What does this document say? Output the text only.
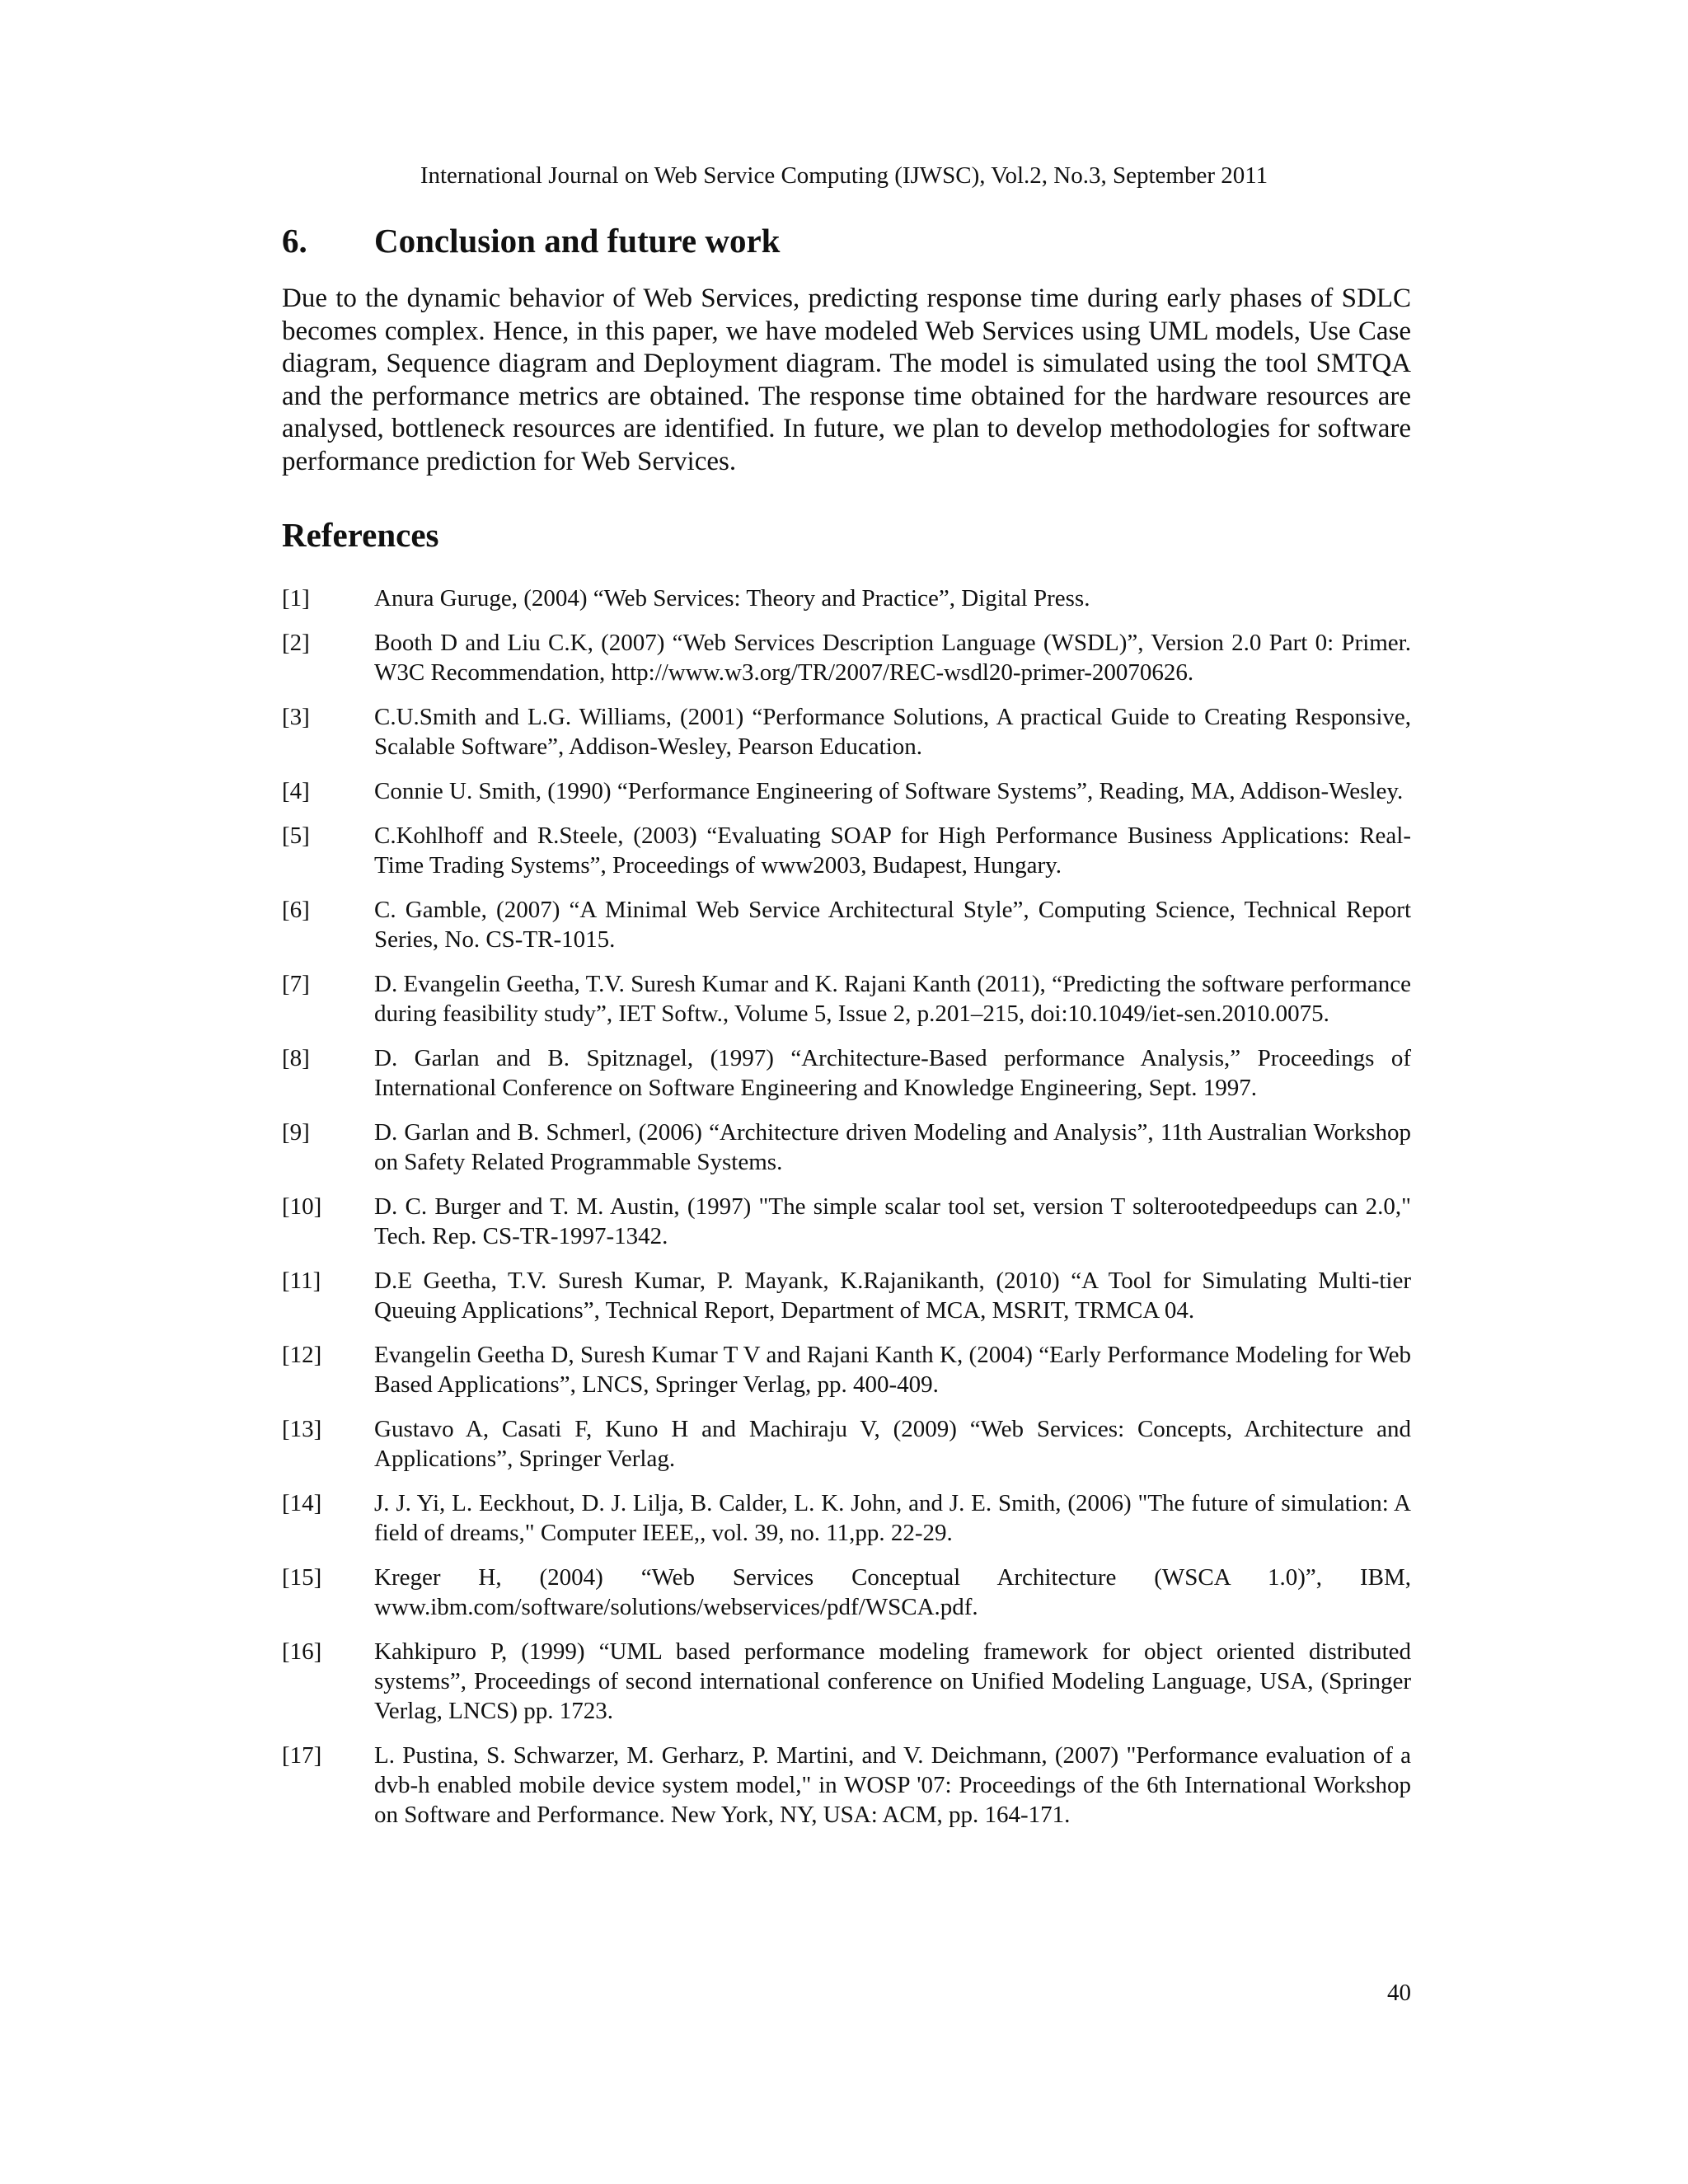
International Journal on Web Service Computing (IJWSC), Vol.2, No.3, September 2011
6.	Conclusion and future work

Due to the dynamic behavior of Web Services, predicting response time during early phases of SDLC becomes complex. Hence, in this paper, we have modeled Web Services using UML models, Use Case diagram, Sequence diagram and Deployment diagram. The model is simulated using the tool SMTQA and the performance metrics are obtained. The response time obtained for the hardware resources are analysed, bottleneck resources are identified. In future, we plan to develop methodologies for software performance prediction for Web Services.

References
[1]	Anura Guruge, (2004) “Web Services: Theory and Practice”, Digital Press.
[2]	Booth D and Liu C.K, (2007) “Web Services Description Language (WSDL)”, Version 2.0 Part 0: Primer. W3C Recommendation, http://www.w3.org/TR/2007/REC-wsdl20-primer-20070626.
[3]	C.U.Smith and L.G. Williams, (2001) “Performance Solutions, A practical Guide to Creating Responsive, Scalable Software”, Addison-Wesley, Pearson Education.
[4]	Connie U. Smith, (1990) “Performance Engineering of Software Systems”, Reading, MA, Addison-Wesley.
[5]	C.Kohlhoff and R.Steele, (2003) “Evaluating SOAP for High Performance Business Applications: Real-Time Trading Systems”, Proceedings of www2003, Budapest, Hungary.
[6]	C. Gamble, (2007) “A Minimal Web Service Architectural Style”, Computing Science, Technical Report Series, No. CS-TR-1015.
[7]	D. Evangelin Geetha, T.V. Suresh Kumar and K. Rajani Kanth (2011), “Predicting the software performance during feasibility study”, IET Softw., Volume 5, Issue 2, p.201–215, doi:10.1049/iet-sen.2010.0075.
[8]	D. Garlan and B. Spitznagel, (1997) “Architecture-Based performance Analysis,” Proceedings of International Conference on Software Engineering and Knowledge Engineering, Sept. 1997.
[9]	D. Garlan and B. Schmerl, (2006) “Architecture driven Modeling and Analysis”, 11th Australian Workshop on Safety Related Programmable Systems.
[10]	D. C. Burger and T. M. Austin, (1997) "The simple scalar tool set, version T solterootedpeedups can 2.0," Tech. Rep. CS-TR-1997-1342.
[11]	D.E Geetha, T.V. Suresh Kumar, P. Mayank, K.Rajanikanth, (2010) “A Tool for Simulating Multi-tier Queuing Applications”, Technical Report, Department of MCA, MSRIT, TRMCA 04.
[12]	Evangelin Geetha D, Suresh Kumar T V and Rajani Kanth K, (2004) “Early Performance Modeling for Web Based Applications”, LNCS, Springer Verlag, pp. 400-409.
[13]	Gustavo A, Casati F, Kuno H and Machiraju V, (2009) “Web Services: Concepts, Architecture and Applications”, Springer Verlag.
[14]	J. J. Yi, L. Eeckhout, D. J. Lilja, B. Calder, L. K. John, and J. E. Smith, (2006) "The future of simulation: A field of dreams," Computer IEEE,, vol. 39, no. 11,pp. 22-29.
[15]	Kreger H, (2004) “Web Services Conceptual Architecture (WSCA 1.0)”, IBM, www.ibm.com/software/solutions/webservices/pdf/WSCA.pdf.
[16]	Kahkipuro P, (1999) “UML based performance modeling framework for object oriented distributed systems”, Proceedings of second international conference on Unified Modeling Language, USA, (Springer Verlag, LNCS) pp. 1723.
[17]	L. Pustina, S. Schwarzer, M. Gerharz, P. Martini, and V. Deichmann, (2007) "Performance evaluation of a dvb-h enabled mobile device system model," in WOSP '07: Proceedings of the 6th International Workshop on Software and Performance. New York, NY, USA: ACM, pp. 164-171.
40
